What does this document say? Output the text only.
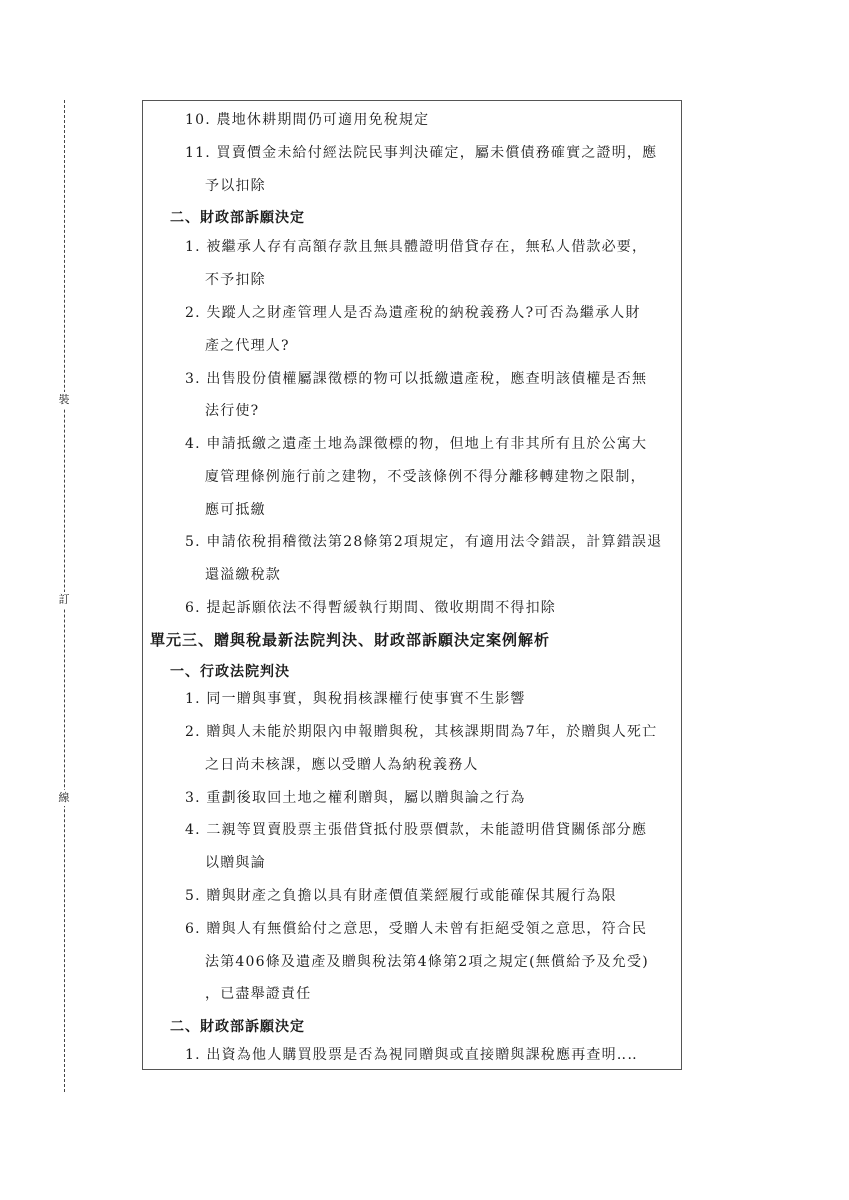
裝
訂
線
10. 農地休耕期間仍可適用免稅規定
11. 買賣價金未給付經法院民事判決確定，屬未償債務確實之證明，應
予以扣除
二、財政部訴願決定
1. 被繼承人存有高額存款且無具體證明借貸存在，無私人借款必要，
不予扣除
2. 失蹤人之財產管理人是否為遺產稅的納稅義務人?可否為繼承人財
產之代理人?
3. 出售股份債權屬課徵標的物可以抵繳遺產稅，應查明該債權是否無
法行使?
4. 申請抵繳之遺產土地為課徵標的物，但地上有非其所有且於公寓大
廈管理條例施行前之建物，不受該條例不得分離移轉建物之限制，
應可抵繳
5. 申請依稅捐稽徵法第28條第2項規定，有適用法令錯誤，計算錯誤退
還溢繳稅款
6. 提起訴願依法不得暫緩執行期間、徵收期間不得扣除
單元三、贈與稅最新法院判決、財政部訴願決定案例解析
一、行政法院判決
1. 同一贈與事實，與稅捐核課權行使事實不生影響
2. 贈與人未能於期限內申報贈與稅，其核課期間為7年，於贈與人死亡
之日尚未核課，應以受贈人為納稅義務人
3. 重劃後取回土地之權利贈與，屬以贈與論之行為
4. 二親等買賣股票主張借貸抵付股票價款，未能證明借貸關係部分應
以贈與論
5. 贈與財產之負擔以具有財產價值業經履行或能確保其履行為限
6. 贈與人有無償給付之意思，受贈人未曾有拒絕受領之意思，符合民
法第406條及遺產及贈與稅法第4條第2項之規定(無償給予及允受)
，已盡舉證責任
二、財政部訴願決定
1. 出資為他人購買股票是否為視同贈與或直接贈與課稅應再查明‥‥
